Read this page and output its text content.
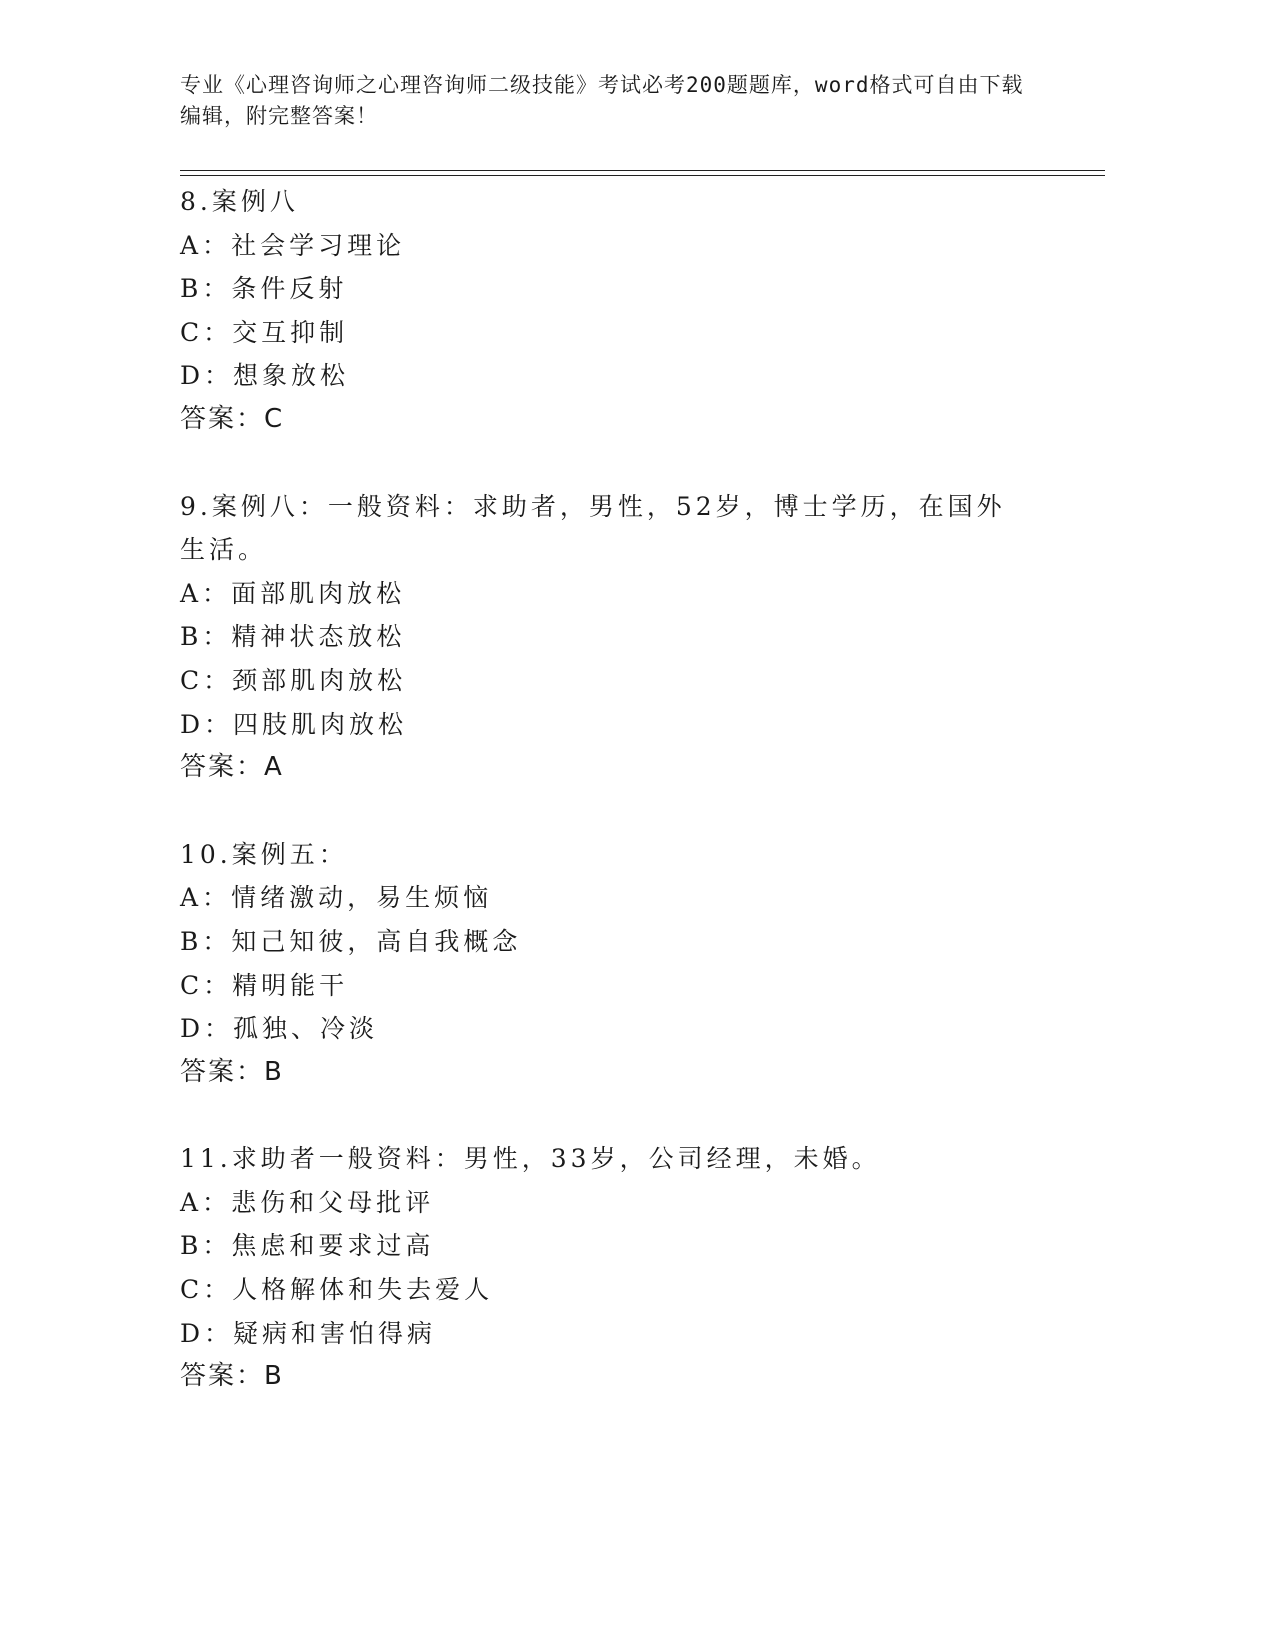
专业《心理咨询师之心理咨询师二级技能》考试必考200题题库，word格式可自由下载编辑，附完整答案！
8.案例八
A：社会学习理论
B：条件反射
C：交互抑制
D：想象放松
答案：C
9.案例八：一般资料：求助者，男性，52岁，博士学历，在国外生活。
A：面部肌肉放松
B：精神状态放松
C：颈部肌肉放松
D：四肢肌肉放松
答案：A
10.案例五：
A：情绪激动，易生烦恼
B：知己知彼，高自我概念
C：精明能干
D：孤独、冷淡
答案：B
11.求助者一般资料：男性，33岁，公司经理，未婚。
A：悲伤和父母批评
B：焦虑和要求过高
C：人格解体和失去爱人
D：疑病和害怕得病
答案：B
